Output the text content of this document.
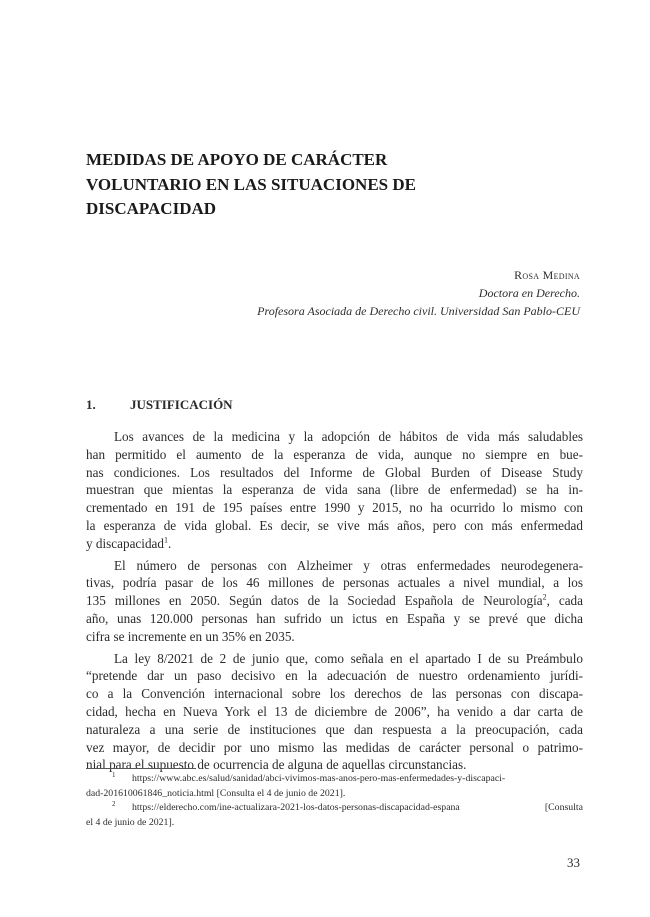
MEDIDAS DE APOYO DE CARÁCTER
VOLUNTARIO EN LAS SITUACIONES DE
DISCAPACIDAD
Rosa Medina
Doctora en Derecho.
Profesora Asociada de Derecho civil. Universidad San Pablo-CEU
1.	JUSTIFICACIÓN

Los avances de la medicina y la adopción de hábitos de vida más saludables
han permitido el aumento de la esperanza de vida, aunque no siempre en bue-
nas condiciones. Los resultados del Informe de Global Burden of Disease Study
muestran que mientas la esperanza de vida sana (libre de enfermedad) se ha in-
crementado en 191 de 195 países entre 1990 y 2015, no ha ocurrido lo mismo con
la esperanza de vida global. Es decir, se vive más años, pero con más enfermedad
y discapacidad$^1$.

El número de personas con Alzheimer y otras enfermedades neurodegenera-
tivas, podría pasar de los 46 millones de personas actuales a nivel mundial, a los
135 millones en 2050. Según datos de la Sociedad Española de Neurología$^2$, cada
año, unas 120.000 personas han sufrido un ictus en España y se prevé que dicha
cifra se incremente en un 35% en 2035.

La ley 8/2021 de 2 de junio que, como señala en el apartado I de su Preámbulo
“pretende dar un paso decisivo en la adecuación de nuestro ordenamiento jurídi-
co a la Convención internacional sobre los derechos de las personas con discapa-
cidad, hecha en Nueva York el 13 de diciembre de 2006”, ha venido a dar carta de
naturaleza a una serie de instituciones que dan respuesta a la preocupación, cada
vez mayor, de decidir por uno mismo las medidas de carácter personal o patrimo-
nial para el supuesto de ocurrencia de alguna de aquellas circunstancias.

1 https://www.abc.es/salud/sanidad/abci-vivimos-mas-anos-pero-mas-enfermedades-y-discapaci-
dad-201610061846_noticia.html [Consulta el 4 de junio de 2021].

2 https://elderecho.com/ine-actualizara-2021-los-datos-personas-discapacidad-espana [Consulta
el 4 de junio de 2021].

33
